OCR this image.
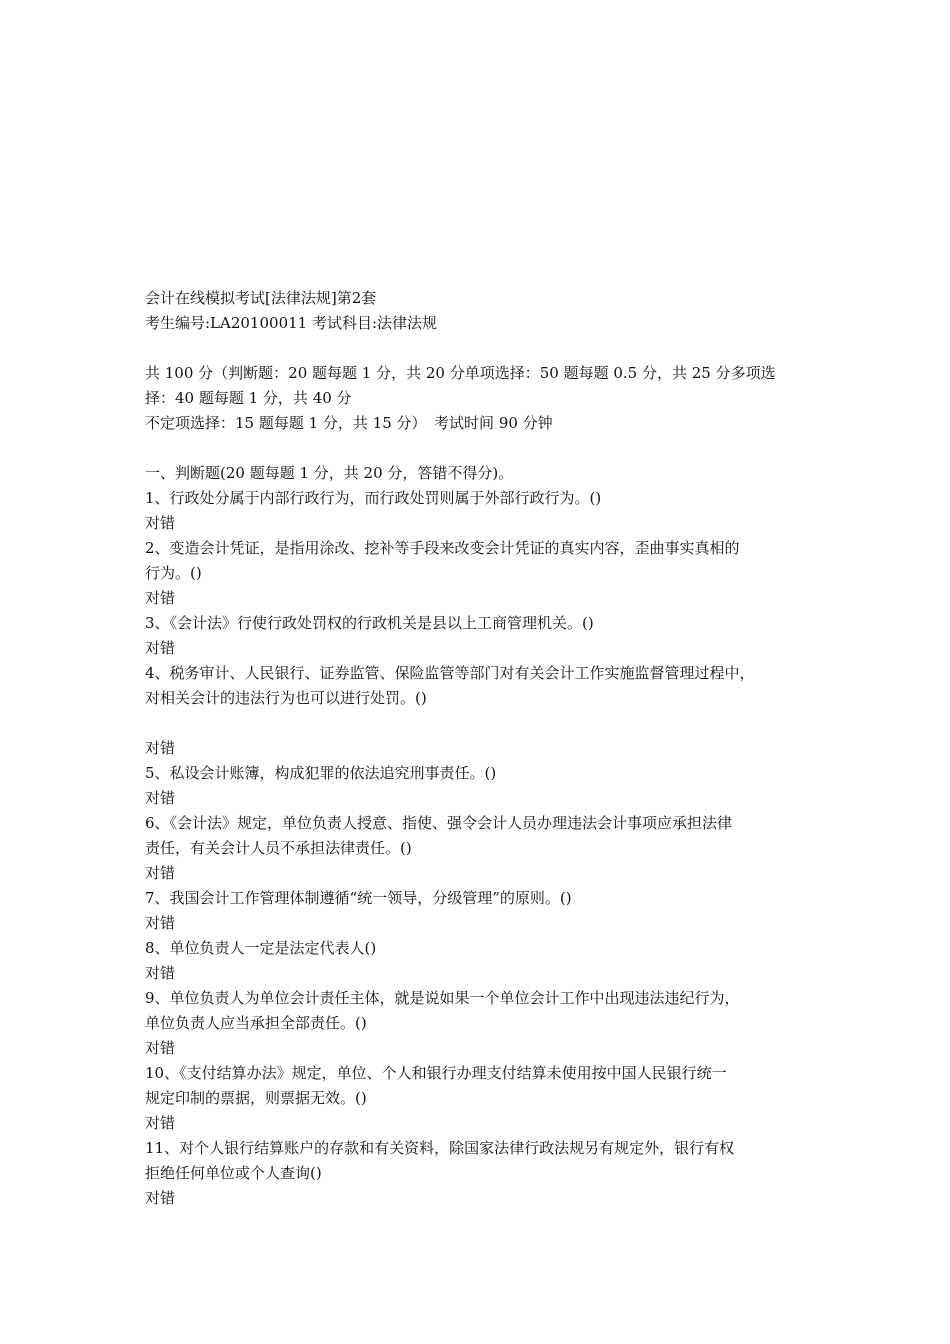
会计在线模拟考试[法律法规]第2套
考生编号:LA20100011 考试科目:法律法规
共 100 分（判断题：20 题每题 1 分，共 20 分单项选择：50 题每题 0.5 分，共 25 分多项选
择：40 题每题 1 分，共 40 分
不定项选择：15 题每题 1 分，共 15 分）　考试时间 90 分钟
一、判断题(20 题每题 1 分，共 20 分，答错不得分)。
1、行政处分属于内部行政行为，而行政处罚则属于外部行政行为。()
对错
2、变造会计凭证，是指用涂改、挖补等手段来改变会计凭证的真实内容，歪曲事实真相的
行为。()
对错
3、《会计法》行使行政处罚权的行政机关是县以上工商管理机关。()
对错
4、税务审计、人民银行、证券监管、保险监管等部门对有关会计工作实施监督管理过程中，
对相关会计的违法行为也可以进行处罚。()
对错
5、私设会计账簿，构成犯罪的依法追究刑事责任。()
对错
6、《会计法》规定，单位负责人授意、指使、强令会计人员办理违法会计事项应承担法律
责任，有关会计人员不承担法律责任。()
对错
7、我国会计工作管理体制遵循“统一领导，分级管理”的原则。()
对错
8、单位负责人一定是法定代表人()
对错
9、单位负责人为单位会计责任主体，就是说如果一个单位会计工作中出现违法违纪行为，
单位负责人应当承担全部责任。()
对错
10、《支付结算办法》规定，单位、个人和银行办理支付结算未使用按中国人民银行统一
规定印制的票据，则票据无效。()
对错
11、对个人银行结算账户的存款和有关资料，除国家法律行政法规另有规定外，银行有权
拒绝任何单位或个人查询()
对错
